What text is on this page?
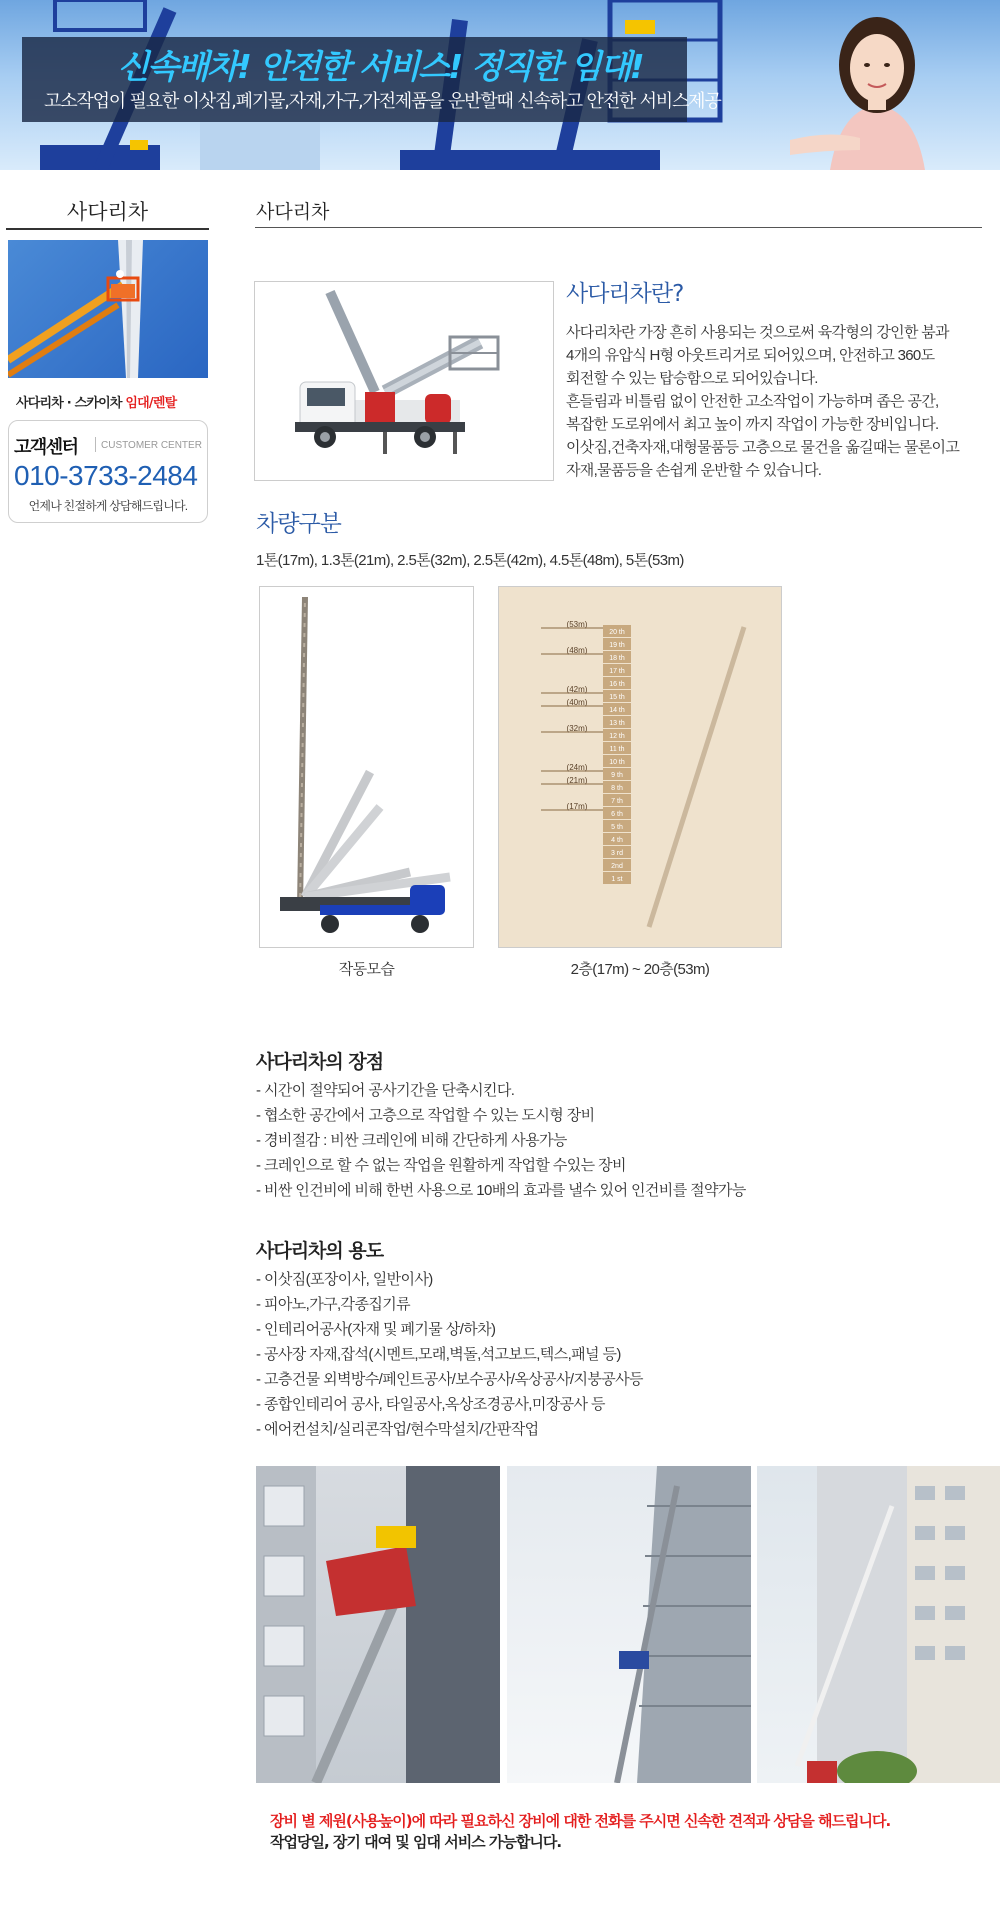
신속배차! 안전한 서비스! 정직한 임대!
고소작업이 필요한 이삿짐,폐기물,자재,가구,가전제품을 운반할때 신속하고 안전한 서비스제공
사다리차
사다리차 · 스카이차 임대/렌탈
고객센터 CUSTOMER CENTER
010-3733-2484
언제나 친절하게 상담해드립니다.
사다리차
사다리차란?

사다리차란 가장 흔히 사용되는 것으로써 육각형의 강인한 붐과

4개의 유압식 H형 아웃트리거로 되어있으며, 안전하고 360도

회전할 수 있는 탑승함으로 되어있습니다.

흔들림과 비틀림 없이 안전한 고소작업이 가능하며 좁은 공간,

복잡한 도로위에서 최고 높이 까지 작업이 가능한 장비입니다.

이삿짐,건축자재,대형물품등 고층으로 물건을 옮길때는 물론이고

자재,물품등을 손쉽게 운반할 수 있습니다.

차량구분
1톤(17m), 1.3톤(21m), 2.5톤(32m), 2.5톤(42m), 4.5톤(48m), 5톤(53m)
20 th
19 th
18 th
17 th
16 th
15 th
14 th
13 th
12 th
11 th
10 th
9 th
8 th
7 th
6 th
5 th
4 th
3 rd
2nd
1 st
(53m)
(48m)
(42m)
(40m)
(32m)
(24m)
(21m)
(17m)
작동모습	2층(17m) ~ 20층(53m)
사다리차의 장점
- 시간이 절약되어 공사기간을 단축시킨다.
- 협소한 공간에서 고층으로 작업할 수 있는 도시형 장비
- 경비절감 : 비싼 크레인에 비해 간단하게 사용가능
- 크레인으로 할 수 없는 작업을 원활하게 작업할 수있는 장비
- 비싼 인건비에 비해 한번 사용으로 10배의 효과를 낼수 있어 인건비를 절약가능
사다리차의 용도
- 이삿짐(포장이사, 일반이사)
- 피아노,가구,각종집기류
- 인테리어공사(자재 및 폐기물 상/하차)
- 공사장 자재,잡석(시멘트,모래,벽돌,석고보드,텍스,패널 등)
- 고층건물 외벽방수/페인트공사/보수공사/옥상공사/지붕공사등
- 종합인테리어 공사, 타일공사,옥상조경공사,미장공사 등
- 에어컨설치/실리콘작업/현수막설치/간판작업
장비 별 제원(사용높이)에 따라 필요하신 장비에 대한 전화를 주시면 신속한 견적과 상담을 해드립니다.
작업당일, 장기 대여 및 임대 서비스 가능합니다.
